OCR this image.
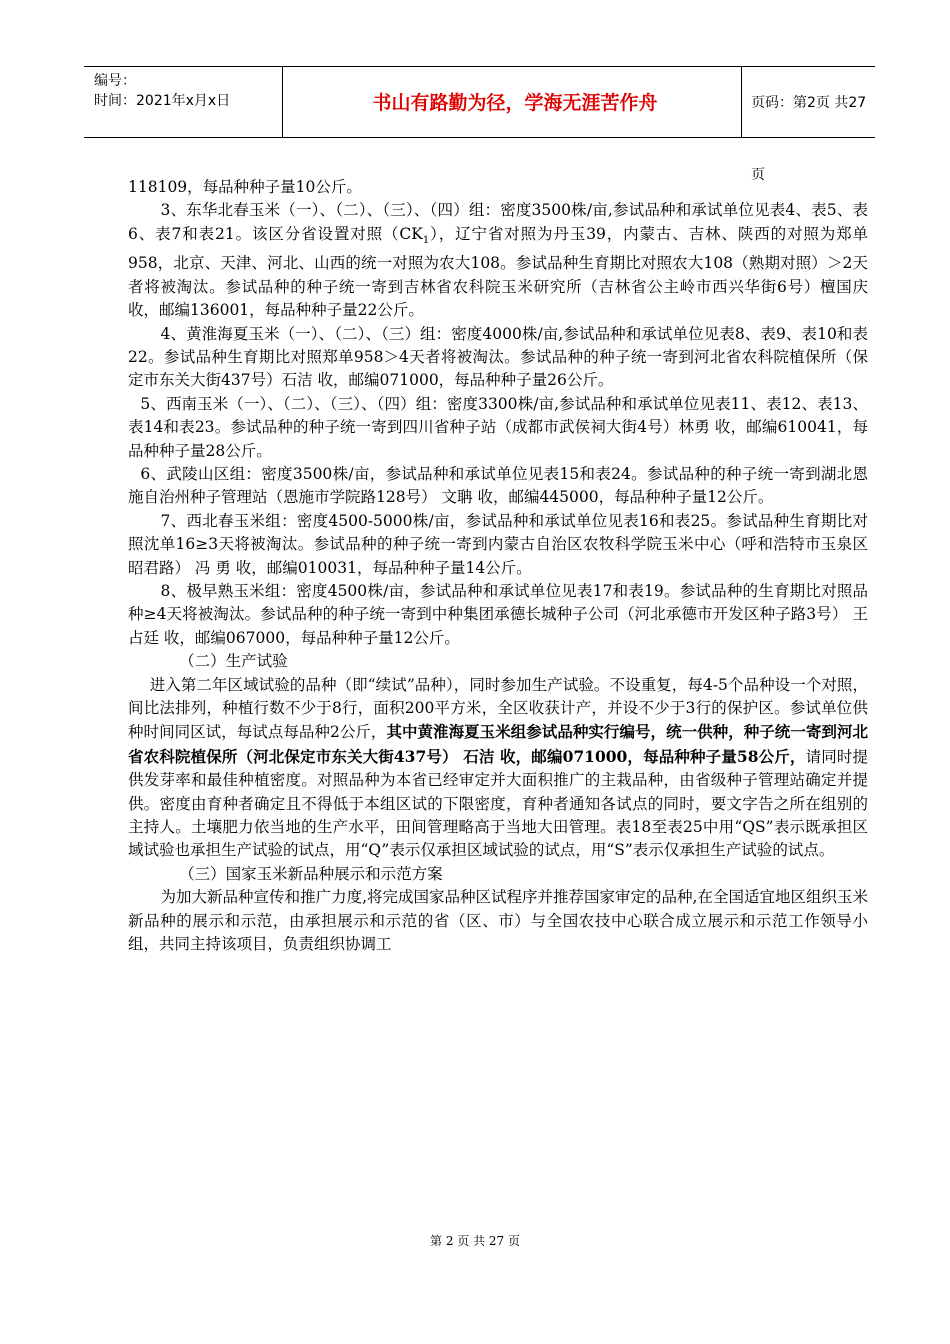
编号：
时间：2021年x月x日	书山有路勤为径，学海无涯苦作舟	页码：第2页 共27页

118109，每品种种子量10公斤。

3、东华北春玉米（一）、（二）、（三）、（四）组：密度3500株/亩,参试品种和承试单位见表4、表5、表6、表7和表21。该区分省设置对照$(CK_1)$，辽宁省对照为丹玉39，内蒙古、吉林、陕西的对照为郑单958，北京、天津、河北、山西的统一对照为农大108。参试品种生育期比对照农大108（熟期对照）＞2天者将被淘汰。参试品种的种子统一寄到吉林省农科院玉米研究所（吉林省公主岭市西兴华街6号）檀国庆 收，邮编136001，每品种种子量22公斤。

4、黄淮海夏玉米（一）、（二）、（三）组：密度4000株/亩,参试品种和承试单位见表8、表9、表10和表22。参试品种生育期比对照郑单958＞4天者将被淘汰。参试品种的种子统一寄到河北省农科院植保所（保定市东关大街437号）石洁 收，邮编071000，每品种种子量26公斤。

5、西南玉米（一）、（二）、（三）、（四）组：密度3300株/亩,参试品种和承试单位见表11、表12、表13、表14和表23。参试品种的种子统一寄到四川省种子站（成都市武侯祠大街4号）林勇 收，邮编610041，每品种种子量28公斤。

6、武陵山区组：密度3500株/亩，参试品种和承试单位见表15和表24。参试品种的种子统一寄到湖北恩施自治州种子管理站（恩施市学院路128号） 文聃 收，邮编445000，每品种种子量12公斤。

7、西北春玉米组：密度4500-5000株/亩，参试品种和承试单位见表16和表25。参试品种生育期比对照沈单16≥3天将被淘汰。参试品种的种子统一寄到内蒙古自治区农牧科学院玉米中心（呼和浩特市玉泉区昭君路） 冯 勇 收，邮编010031，每品种种子量14公斤。

8、极早熟玉米组：密度4500株/亩，参试品种和承试单位见表17和表19。参试品种的生育期比对照品种≥4天将被淘汰。参试品种的种子统一寄到中种集团承德长城种子公司（河北承德市开发区种子路3号） 王占廷 收，邮编067000，每品种种子量12公斤。

（二）生产试验

进入第二年区域试验的品种（即“续试”品种），同时参加生产试验。不设重复，每4-5个品种设一个对照，间比法排列，种植行数不少于8行，面积200平方米，全区收获计产，并设不少于3行的保护区。参试单位供种时间同区试，每试点每品种2公斤，其中黄淮海夏玉米组参试品种实行编号，统一供种，种子统一寄到河北省农科院植保所（河北保定市东关大街437号） 石洁 收，邮编071000，每品种种子量58公斤，请同时提供发芽率和最佳种植密度。对照品种为本省已经审定并大面积推广的主栽品种，由省级种子管理站确定并提供。密度由育种者确定且不得低于本组区试的下限密度，育种者通知各试点的同时，要文字告之所在组别的主持人。土壤肥力依当地的生产水平，田间管理略高于当地大田管理。表18至表25中用“QS”表示既承担区域试验也承担生产试验的试点，用“Q”表示仅承担区域试验的试点，用“S”表示仅承担生产试验的试点。

（三）国家玉米新品种展示和示范方案

为加大新品种宣传和推广力度,将完成国家品种区试程序并推荐国家审定的品种,在全国适宜地区组织玉米新品种的展示和示范，由承担展示和示范的省（区、市）与全国农技中心联合成立展示和示范工作领导小组，共同主持该项目，负责组织协调工

第 2 页 共 27 页
